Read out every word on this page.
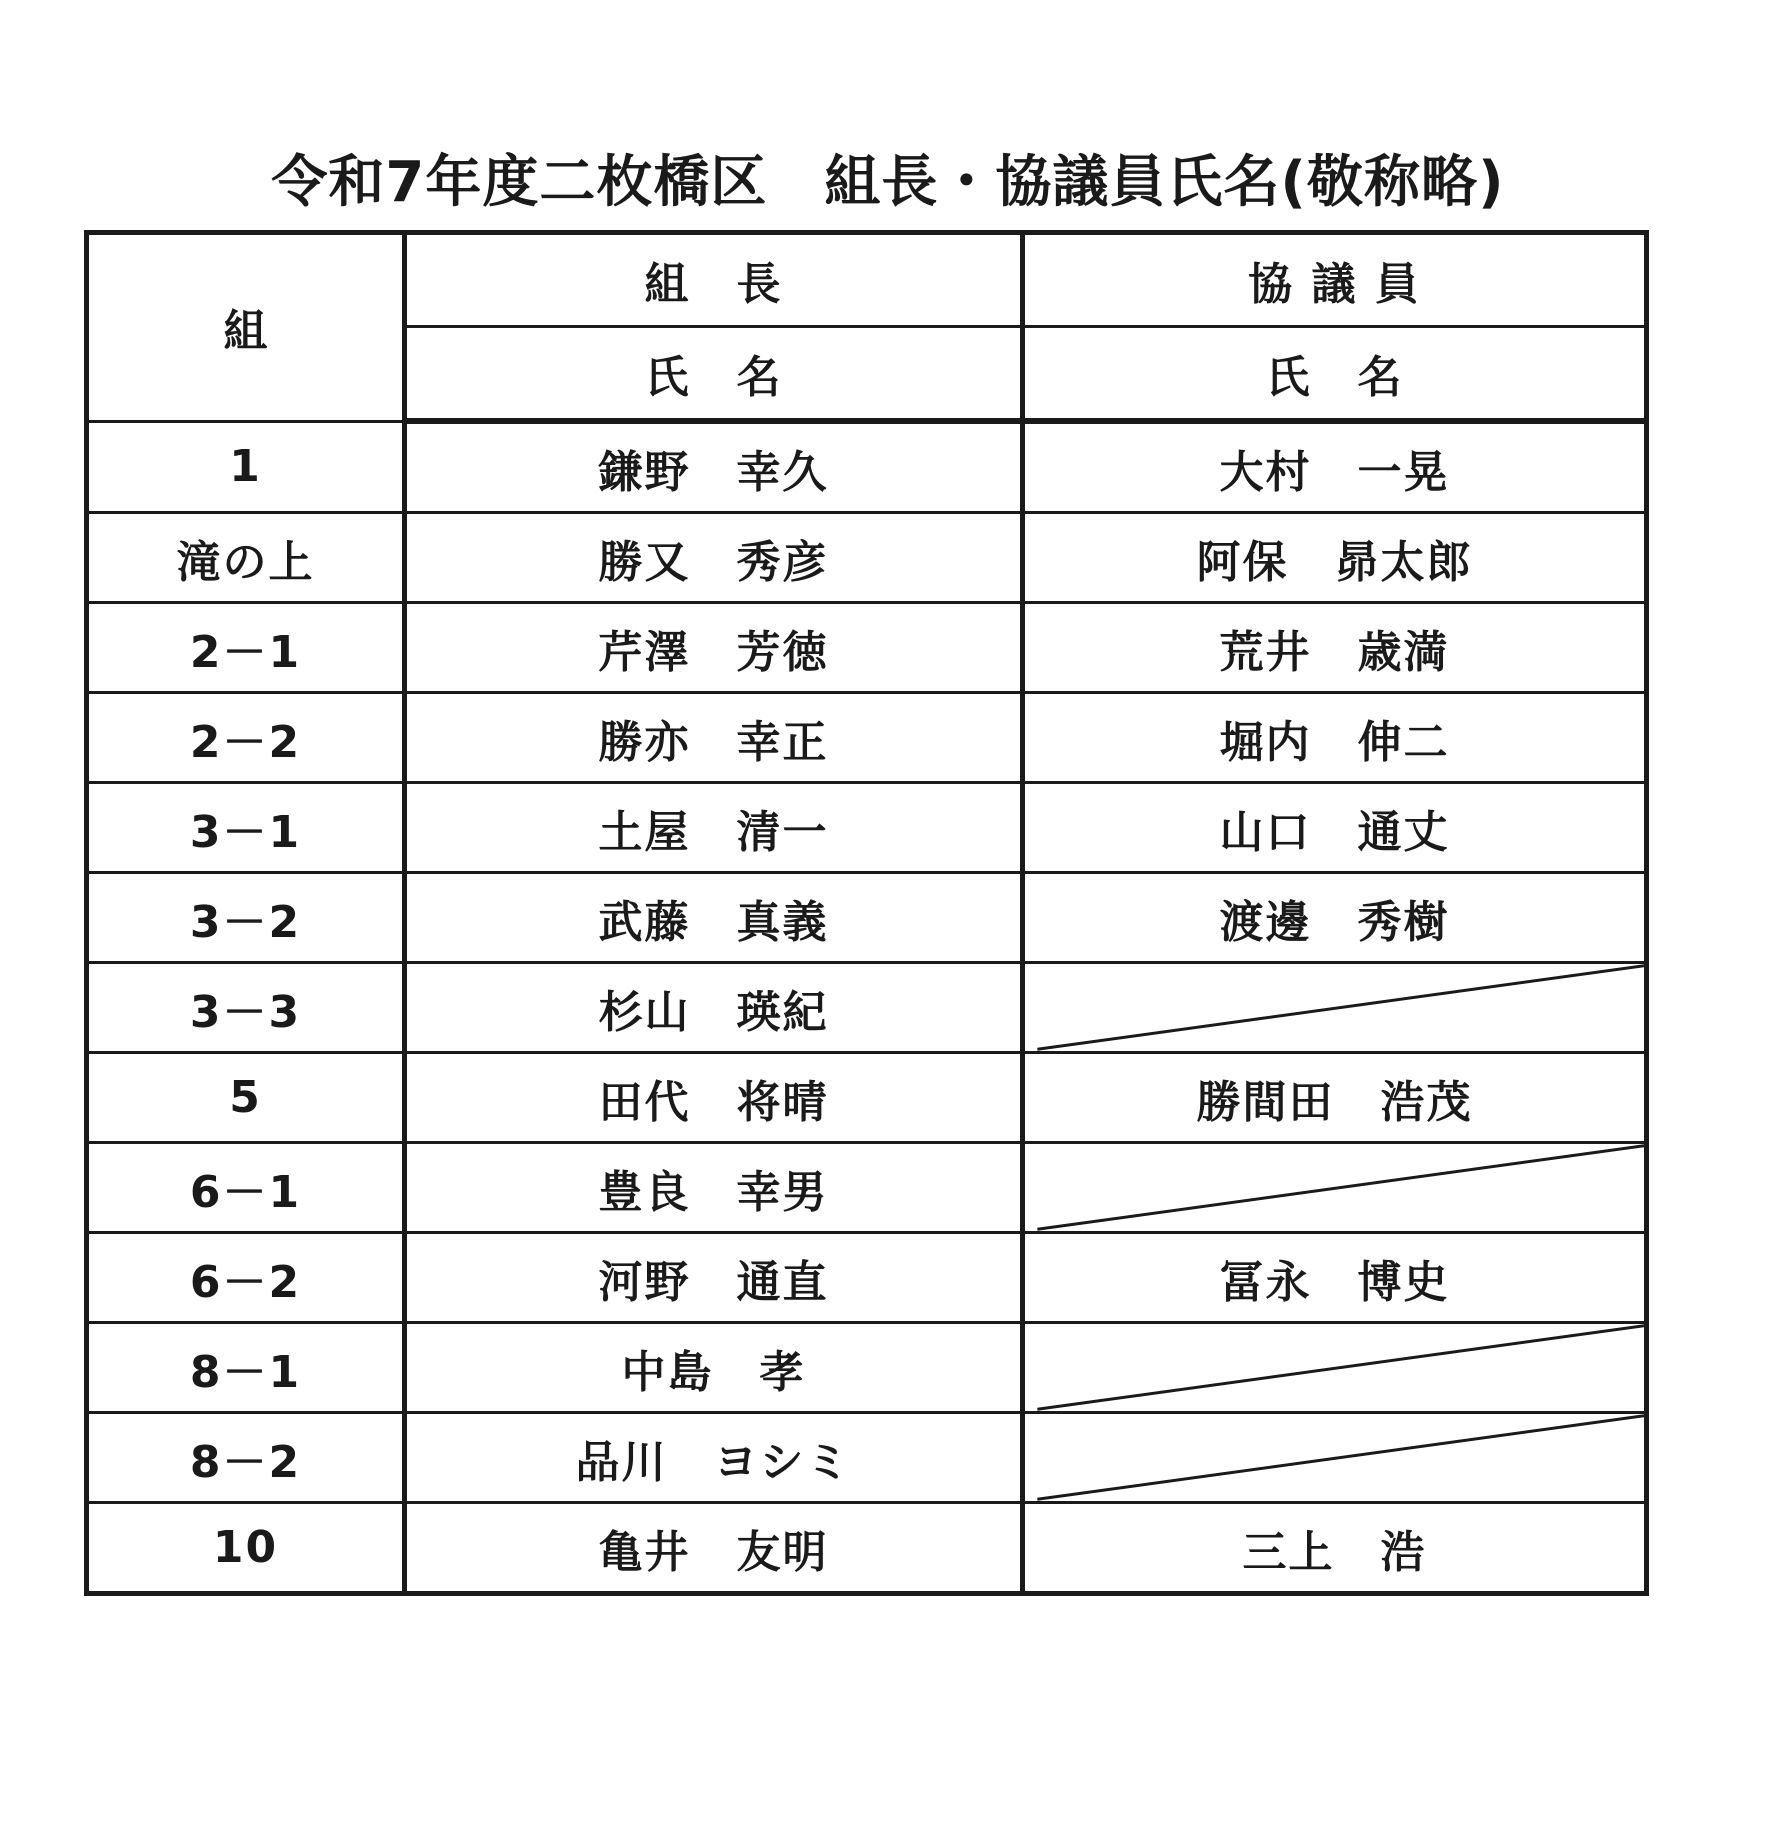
令和7年度二枚橋区　組長・協議員氏名(敬称略)
組	組　長	協 議 員
	氏　名	氏　名
1	鎌野　幸久	大村　一晃
滝の上	勝又　秀彦	阿保　昴太郎
2－1	芹澤　芳徳	荒井　歳満
2－2	勝亦　幸正	堀内　伸二
3－1	土屋　清一	山口　通丈
3－2	武藤　真義	渡邊　秀樹
3－3	杉山　瑛紀	

5	田代　将晴	勝間田　浩茂
6－1	豊良　幸男	

6－2	河野　通直	冨永　博史
8－1	中島　孝	

8－2	品川　ヨシミ	

10	亀井　友明	三上　浩
